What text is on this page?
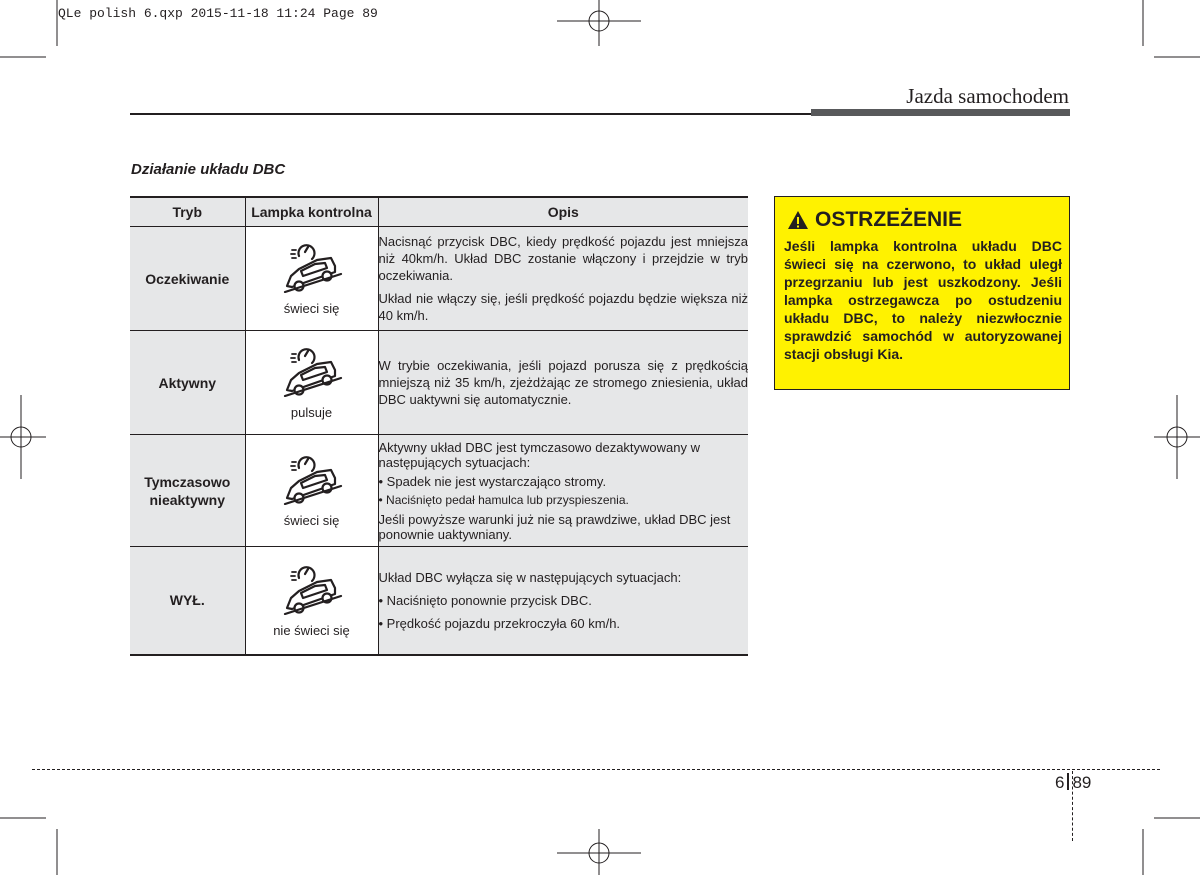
QLe polish 6.qxp 2015-11-18 11:24 Page 89
Jazda samochodem
Działanie układu DBC
Tryb	Lampka kontrolna	Opis
Oczekiwanie	świeci się	Nacisnąć przycisk DBC, kiedy prędkość pojazdu jest mniejsza niż 40km/h. Układ DBC zostanie włączony i przejdzie w tryb oczekiwania.

Układ nie włączy się, jeśli prędkość pojazdu będzie większa niż 40 km/h.

Aktywny	pulsuje	W trybie oczekiwania, jeśli pojazd porusza się z prędkością mniejszą niż 35 km/h, zjeżdżając ze stromego zniesienia, układ DBC uaktywni się automatycznie.

Tymczasowo nieaktywny	świeci się	Aktywny układ DBC jest tymczasowo dezaktywowany w następujących sytuacjach:

• Spadek nie jest wystarczająco stromy.

• Naciśnięto pedał hamulca lub przyspieszenia.

Jeśli powyższe warunki już nie są prawdziwe, układ DBC jest ponownie uaktywniany.

WYŁ.	nie świeci się	Układ DBC wyłącza się w następujących sytuacjach:

• Naciśnięto ponownie przycisk DBC.

• Prędkość pojazdu przekroczyła 60 km/h.

OSTRZEŻENIE
Jeśli lampka kontrolna układu DBC świeci się na czerwono, to układ uległ przegrzaniu lub jest uszkodzony. Jeśli lampka ostrzegawcza po ostudzeniu układu DBC, to należy niezwłocznie sprawdzić samochód w autoryzowanej stacji obsługi Kia.
6 89
